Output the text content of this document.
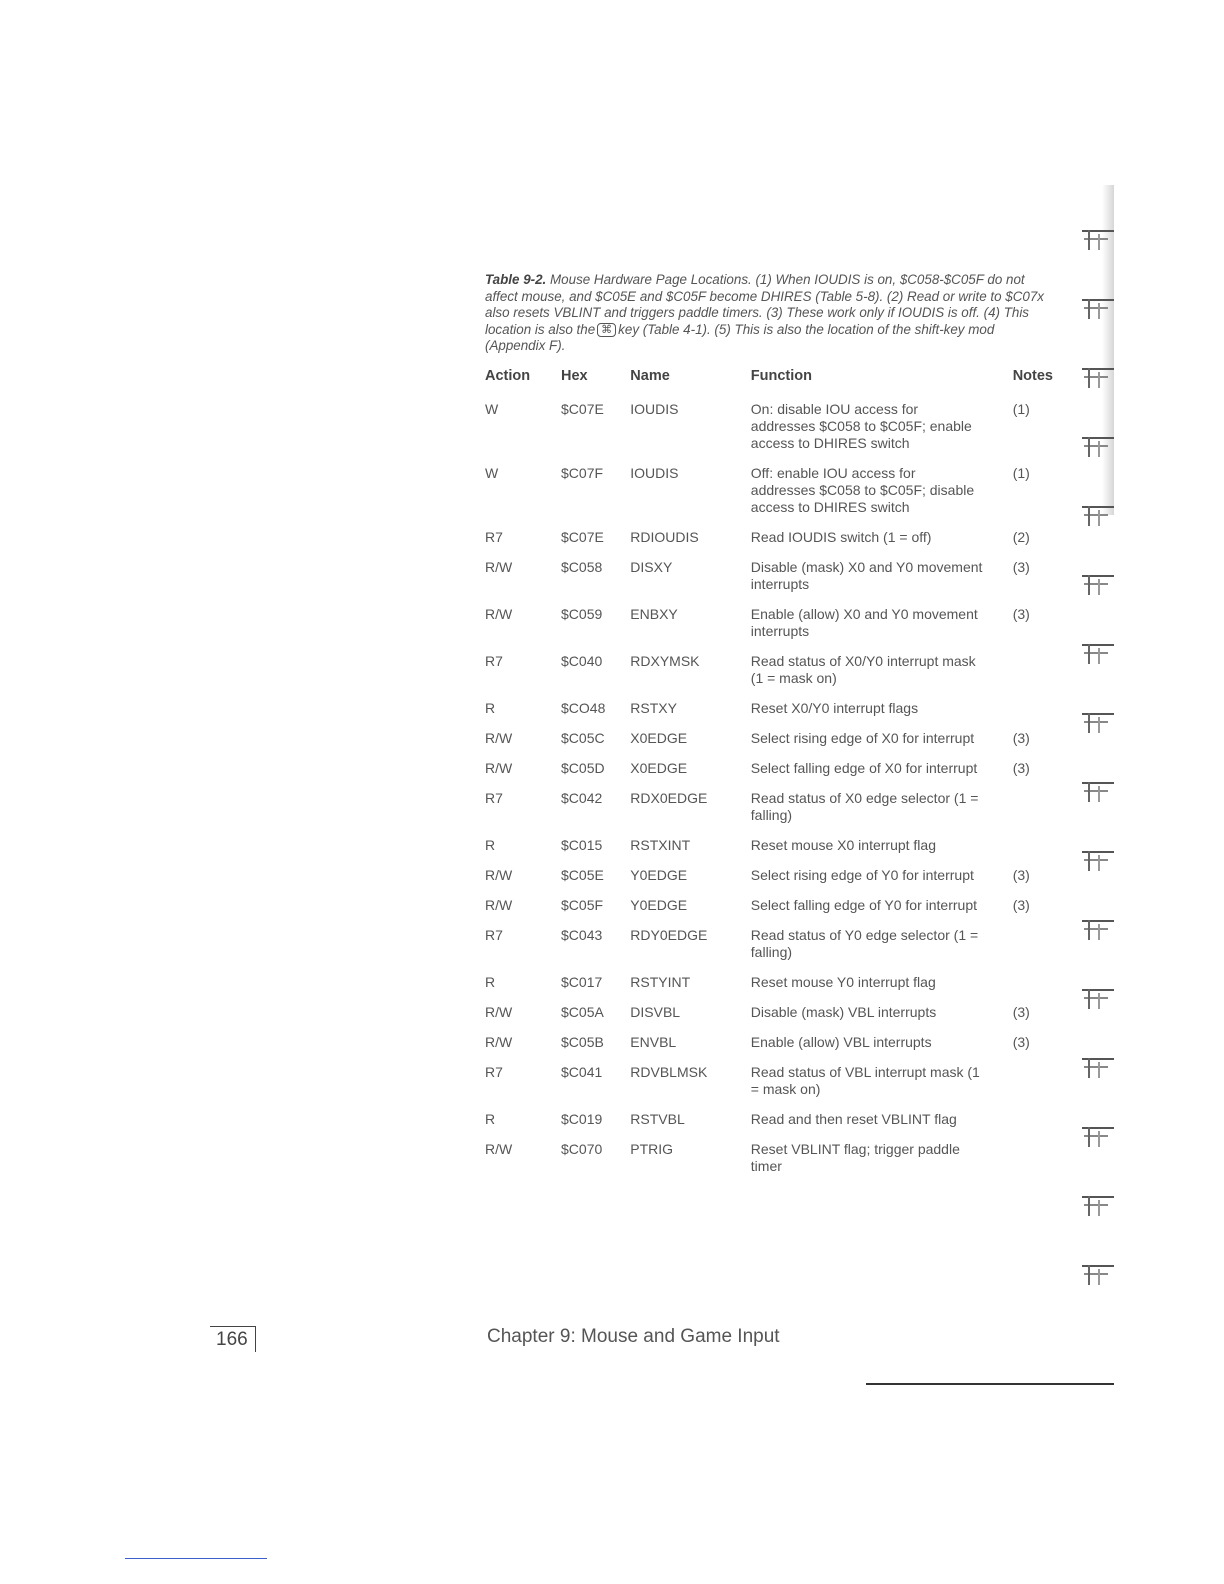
Table 9-2. Mouse Hardware Page Locations. (1) When IOUDIS is on, $C058-$C05F do not affect mouse, and $C05E and $C05F become DHIRES (Table 5-8). (2) Read or write to $C07x also resets VBLINT and triggers paddle timers. (3) These work only if IOUDIS is off. (4) This location is also the ⌘ key (Table 4-1). (5) This is also the location of the shift-key mod (Appendix F).
Action	Hex	Name	Function	Notes
W	$C07E	IOUDIS	On: disable IOU access for addresses $C058 to $C05F; enable access to DHIRES switch	(1)
W	$C07F	IOUDIS	Off: enable IOU access for addresses $C058 to $C05F; disable access to DHIRES switch	(1)
R7	$C07E	RDIOUDIS	Read IOUDIS switch (1 = off)	(2)
R/W	$C058	DISXY	Disable (mask) X0 and Y0 movement interrupts	(3)
R/W	$C059	ENBXY	Enable (allow) X0 and Y0 movement interrupts	(3)
R7	$C040	RDXYMSK	Read status of X0/Y0 interrupt mask (1 = mask on)	

R	$CO48	RSTXY	Reset X0/Y0 interrupt flags	

R/W	$C05C	X0EDGE	Select rising edge of X0 for interrupt	(3)
R/W	$C05D	X0EDGE	Select falling edge of X0 for interrupt	(3)
R7	$C042	RDX0EDGE	Read status of X0 edge selector (1 = falling)	

R	$C015	RSTXINT	Reset mouse X0 interrupt flag	

R/W	$C05E	Y0EDGE	Select rising edge of Y0 for interrupt	(3)
R/W	$C05F	Y0EDGE	Select falling edge of Y0 for interrupt	(3)
R7	$C043	RDY0EDGE	Read status of Y0 edge selector (1 = falling)	

R	$C017	RSTYINT	Reset mouse Y0 interrupt flag	

R/W	$C05A	DISVBL	Disable (mask) VBL interrupts	(3)
R/W	$C05B	ENVBL	Enable (allow) VBL interrupts	(3)
R7	$C041	RDVBLMSK	Read status of VBL interrupt mask (1 = mask on)	

R	$C019	RSTVBL	Read and then reset VBLINT flag	

R/W	$C070	PTRIG	Reset VBLINT flag; trigger paddle timer	

166	Chapter 9: Mouse and Game Input
